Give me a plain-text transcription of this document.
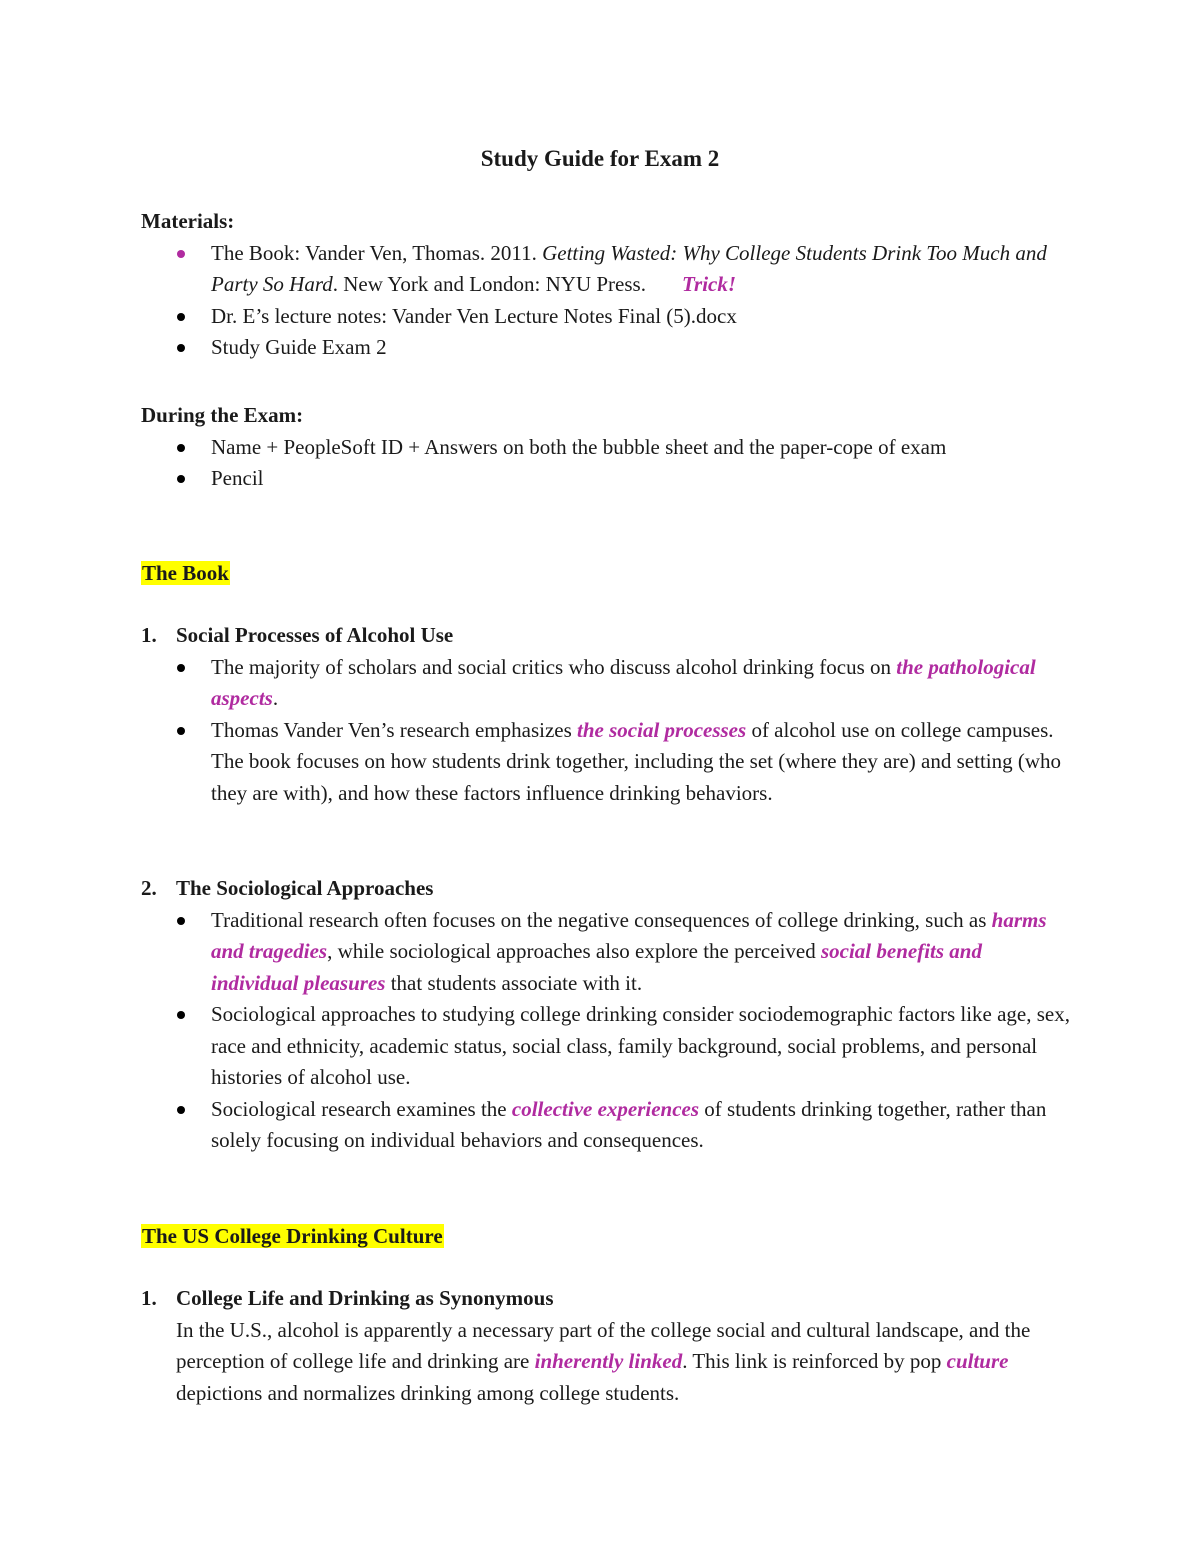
Study Guide for Exam 2
Materials:
The Book: Vander Ven, Thomas. 2011. Getting Wasted: Why College Students Drink Too Much and Party So Hard. New York and London: NYU Press. Trick!
Dr. E’s lecture notes: Vander Ven Lecture Notes Final (5).docx
Study Guide Exam 2
During the Exam:
Name + PeopleSoft ID + Answers on both the bubble sheet and the paper-cope of exam
Pencil
The Book
1. Social Processes of Alcohol Use
The majority of scholars and social critics who discuss alcohol drinking focus on the pathological aspects.
Thomas Vander Ven’s research emphasizes the social processes of alcohol use on college campuses. The book focuses on how students drink together, including the set (where they are) and setting (who they are with), and how these factors influence drinking behaviors.
2. The Sociological Approaches
Traditional research often focuses on the negative consequences of college drinking, such as harms and tragedies, while sociological approaches also explore the perceived social benefits and individual pleasures that students associate with it.
Sociological approaches to studying college drinking consider sociodemographic factors like age, sex, race and ethnicity, academic status, social class, family background, social problems, and personal histories of alcohol use.
Sociological research examines the collective experiences of students drinking together, rather than solely focusing on individual behaviors and consequences.
The US College Drinking Culture
1. College Life and Drinking as Synonymous
In the U.S., alcohol is apparently a necessary part of the college social and cultural landscape, and the perception of college life and drinking are inherently linked. This link is reinforced by pop culture depictions and normalizes drinking among college students.
